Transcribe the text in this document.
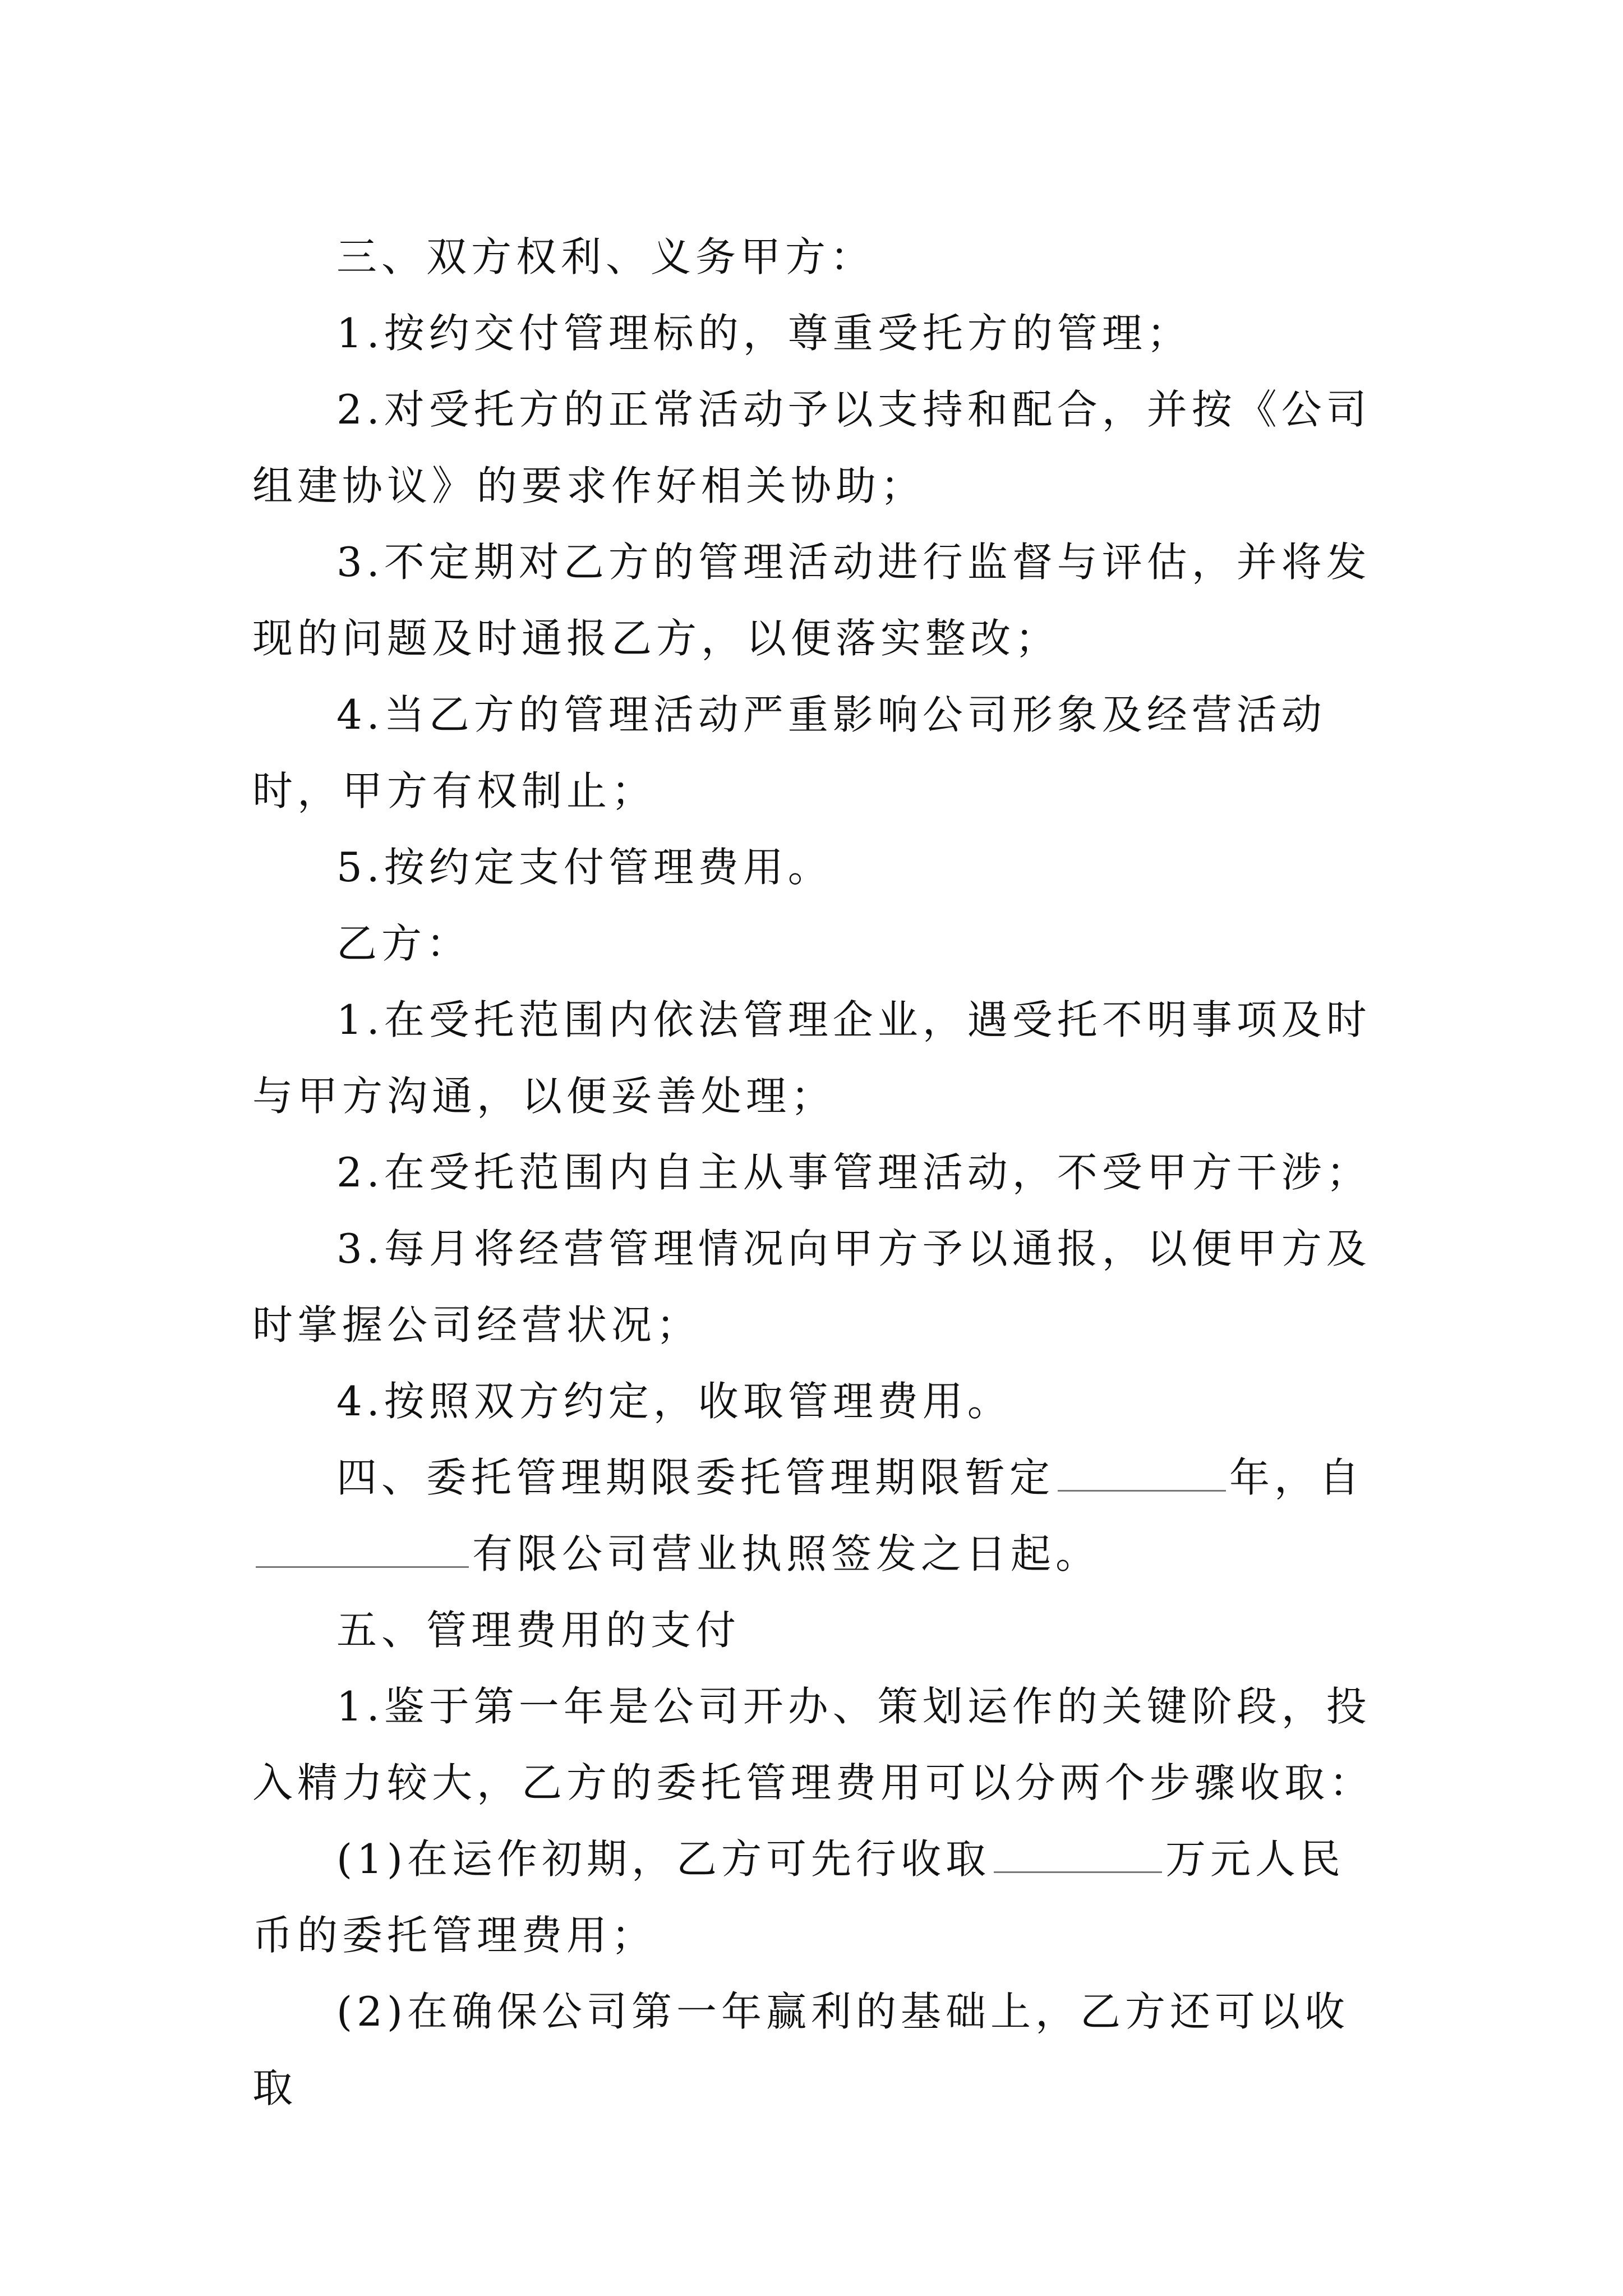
三、双方权利、义务甲方：

1.按约交付管理标的，尊重受托方的管理；

2.对受托方的正常活动予以支持和配合，并按《公司组建协议》的要求作好相关协助；

3.不定期对乙方的管理活动进行监督与评估，并将发现的问题及时通报乙方，以便落实整改；

4.当乙方的管理活动严重影响公司形象及经营活动时，甲方有权制止；

5.按约定支付管理费用。

乙方：

1.在受托范围内依法管理企业，遇受托不明事项及时与甲方沟通，以便妥善处理；

2.在受托范围内自主从事管理活动，不受甲方干涉；

3.每月将经营管理情况向甲方予以通报，以便甲方及时掌握公司经营状况；

4.按照双方约定，收取管理费用。

四、委托管理期限委托管理期限暂定	年，自有限公司营业执照签发之日起。

五、管理费用的支付

1.鉴于第一年是公司开办、策划运作的关键阶段，投入精力较大，乙方的委托管理费用可以分两个步骤收取：

(1)在运作初期，乙方可先行收取	万元人民币的委托管理费用；

(2)在确保公司第一年赢利的基础上，乙方还可以收取
